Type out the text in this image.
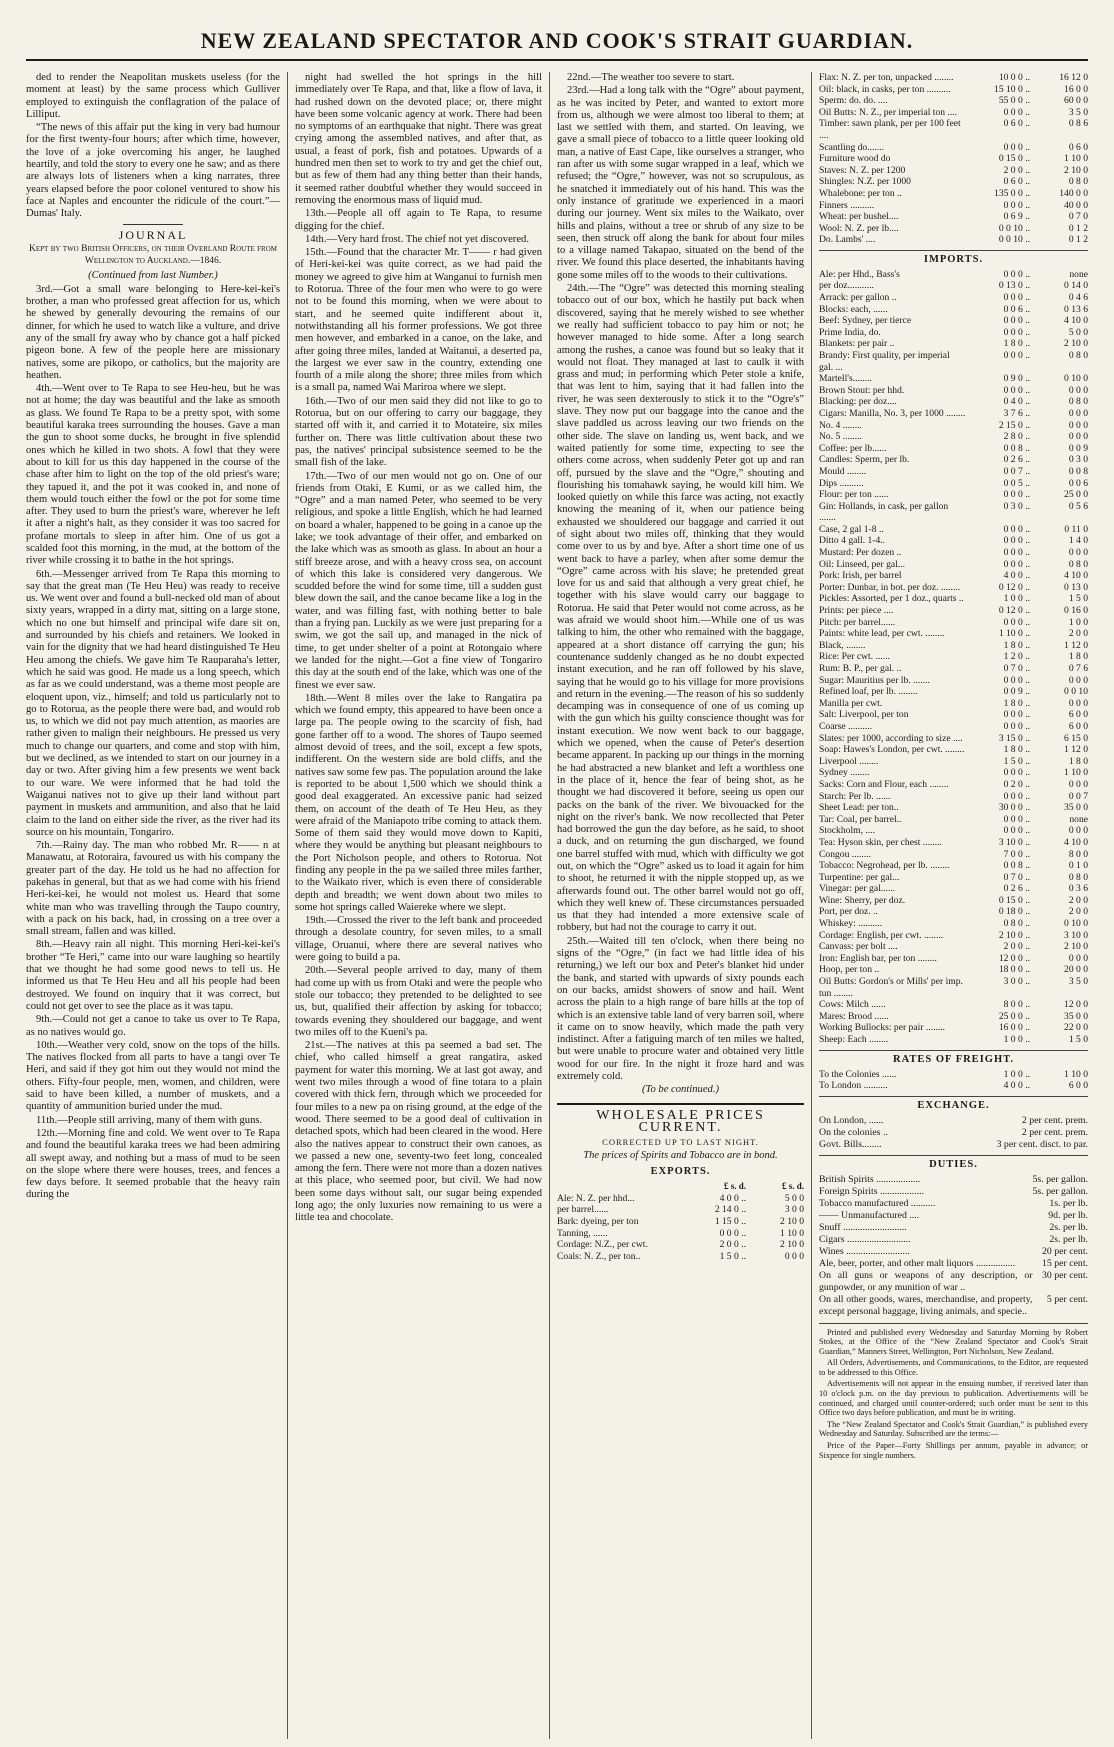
NEW ZEALAND SPECTATOR AND COOK'S STRAIT GUARDIAN.

ded to render the Neapolitan muskets useless (for the moment at least) by the same process which Gulliver employed to extinguish the conflagration of the palace of Lilliput.

“The news of this affair put the king in very bad humour for the first twenty-four hours; after which time, however, the love of a joke overcoming his anger, he laughed heartily, and told the story to every one he saw; and as there are always lots of listeners when a king narrates, three years elapsed before the poor colonel ventured to show his face at Naples and encounter the ridicule of the court.”—Dumas' Italy.

JOURNAL
Kept by two British Officers, on their Overland Route from Wellington to Auckland.—1846.

(Continued from last Number.)

3rd.—Got a small ware belonging to Here-kei-kei's brother, a man who professed great affection for us, which he shewed by generally devouring the remains of our dinner, for which he used to watch like a vulture, and drive any of the small fry away who by chance got a half picked pigeon bone. A few of the people here are missionary natives, some are pikopo, or catholics, but the majority are heathen.

4th.—Went over to Te Rapa to see Heu-heu, but he was not at home; the day was beautiful and the lake as smooth as glass. We found Te Rapa to be a pretty spot, with some beautiful karaka trees surrounding the houses. Gave a man the gun to shoot some ducks, he brought in five splendid ones which he killed in two shots. A fowl that they were about to kill for us this day happened in the course of the chase after him to light on the top of the old priest's ware; they tapued it, and the pot it was cooked in, and none of them would touch either the fowl or the pot for some time after. They used to burn the priest's ware, wherever he left it after a night's halt, as they consider it was too sacred for profane mortals to sleep in after him. One of us got a scalded foot this morning, in the mud, at the bottom of the river while crossing it to bathe in the hot springs.

6th.—Messenger arrived from Te Rapa this morning to say that the great man (Te Heu Heu) was ready to receive us. We went over and found a bull-necked old man of about sixty years, wrapped in a dirty mat, sitting on a large stone, which no one but himself and principal wife dare sit on, and surrounded by his chiefs and retainers. We looked in vain for the dignity that we had heard distinguished Te Heu Heu among the chiefs. We gave him Te Rauparaha's letter, which he said was good. He made us a long speech, which as far as we could understand, was a theme most people are eloquent upon, viz., himself; and told us particularly not to go to Rotorua, as the people there were bad, and would rob us, to which we did not pay much attention, as maories are rather given to malign their neighbours. He pressed us very much to change our quarters, and come and stop with him, but we declined, as we intended to start on our journey in a day or two. After giving him a few presents we went back to our ware. We were informed that he had told the Waiganui natives not to give up their land without part payment in muskets and ammunition, and also that he laid claim to the land on either side the river, as the river had its source on his mountain, Tongariro.

7th.—Rainy day. The man who robbed Mr. R—— n at Manawatu, at Rotoraira, favoured us with his company the greater part of the day. He told us he had no affection for pakehas in general, but that as we had come with his friend Heri-kei-kei, he would not molest us. Heard that some white man who was travelling through the Taupo country, with a pack on his back, had, in crossing on a tree over a small stream, fallen and was killed.

8th.—Heavy rain all night. This morning Heri-kei-kei's brother “Te Heri,” came into our ware laughing so heartily that we thought he had some good news to tell us. He informed us that Te Heu Heu and all his people had been destroyed. We found on inquiry that it was correct, but could not get over to see the place as it was tapu.

9th.—Could not get a canoe to take us over to Te Rapa, as no natives would go.

10th.—Weather very cold, snow on the tops of the hills. The natives flocked from all parts to have a tangi over Te Heri, and said if they got him out they would not mind the others. Fifty-four people, men, women, and children, were said to have been killed, a number of muskets, and a quantity of ammunition buried under the mud.

11th.—People still arriving, many of them with guns.

12th.—Morning fine and cold. We went over to Te Rapa and found the beautiful karaka trees we had been admiring all swept away, and nothing but a mass of mud to be seen on the slope where there were houses, trees, and fences a few days before. It seemed probable that the heavy rain during the

night had swelled the hot springs in the hill immediately over Te Rapa, and that, like a flow of lava, it had rushed down on the devoted place; or, there might have been some volcanic agency at work. There had been no symptoms of an earthquake that night. There was great crying among the assembled natives, and after that, as usual, a feast of pork, fish and potatoes. Upwards of a hundred men then set to work to try and get the chief out, but as few of them had any thing better than their hands, it seemed rather doubtful whether they would succeed in removing the enormous mass of liquid mud.

13th.—People all off again to Te Rapa, to resume digging for the chief.

14th.—Very hard frost. The chief not yet discovered.

15th.—Found that the character Mr. T—— r had given of Heri-kei-kei was quite correct, as we had paid the money we agreed to give him at Wanganui to furnish men to Rotorua. Three of the four men who were to go were not to be found this morning, when we were about to start, and he seemed quite indifferent about it, notwithstanding all his former professions. We got three men however, and embarked in a canoe, on the lake, and after going three miles, landed at Waitanui, a deserted pa, the largest we ever saw in the country, extending one fourth of a mile along the shore; three miles from which is a small pa, named Wai Mariroa where we slept.

16th.—Two of our men said they did not like to go to Rotorua, but on our offering to carry our baggage, they started off with it, and carried it to Motateire, six miles further on. There was little cultivation about these two pas, the natives' principal subsistence seemed to be the small fish of the lake.

17th.—Two of our men would not go on. One of our friends from Otaki, E Kumi, or as we called him, the “Ogre” and a man named Peter, who seemed to be very religious, and spoke a little English, which he had learned on board a whaler, happened to be going in a canoe up the lake; we took advantage of their offer, and embarked on the lake which was as smooth as glass. In about an hour a stiff breeze arose, and with a heavy cross sea, on account of which this lake is considered very dangerous. We scudded before the wind for some time, till a sudden gust blew down the sail, and the canoe became like a log in the water, and was filling fast, with nothing better to bale than a frying pan. Luckily as we were just preparing for a swim, we got the sail up, and managed in the nick of time, to get under shelter of a point at Rotongaio where we landed for the night.—Got a fine view of Tongariro this day at the south end of the lake, which was one of the finest we ever saw.

18th.—Went 8 miles over the lake to Rangatira pa which we found empty, this appeared to have been once a large pa. The people owing to the scarcity of fish, had gone farther off to a wood. The shores of Taupo seemed almost devoid of trees, and the soil, except a few spots, indifferent. On the western side are bold cliffs, and the natives saw some few pas. The population around the lake is reported to be about 1,500 which we should think a good deal exaggerated. An excessive panic had seized them, on account of the death of Te Heu Heu, as they were afraid of the Maniapoto tribe coming to attack them. Some of them said they would move down to Kapiti, where they would be anything but pleasant neighbours to the Port Nicholson people, and others to Rotorua. Not finding any people in the pa we sailed three miles farther, to the Waikato river, which is even there of considerable depth and breadth; we went down about two miles to some hot springs called Waiereke where we slept.

19th.—Crossed the river to the left bank and proceeded through a desolate country, for seven miles, to a small village, Oruanui, where there are several natives who were going to build a pa.

20th.—Several people arrived to day, many of them had come up with us from Otaki and were the people who stole our tobacco; they pretended to be delighted to see us, but, qualified their affection by asking for tobacco; towards evening they shouldered our baggage, and went two miles off to the Kueni's pa.

21st.—The natives at this pa seemed a bad set. The chief, who called himself a great rangatira, asked payment for water this morning. We at last got away, and went two miles through a wood of fine totara to a plain covered with thick fern, through which we proceeded for four miles to a new pa on rising ground, at the edge of the wood. There seemed to be a good deal of cultivation in detached spots, which had been cleared in the wood. Here also the natives appear to construct their own canoes, as we passed a new one, seventy-two feet long, concealed among the fern. There were not more than a dozen natives at this place, who seemed poor, but civil. We had now been some days without salt, our sugar being expended long ago; the only luxuries now remaining to us were a little tea and chocolate.

22nd.—The weather too severe to start.

23rd.—Had a long talk with the “Ogre” about payment, as he was incited by Peter, and wanted to extort more from us, although we were almost too liberal to them; at last we settled with them, and started. On leaving, we gave a small piece of tobacco to a little queer looking old man, a native of East Cape, like ourselves a stranger, who ran after us with some sugar wrapped in a leaf, which we refused; the “Ogre,” however, was not so scrupulous, as he snatched it immediately out of his hand. This was the only instance of gratitude we experienced in a maori during our journey. Went six miles to the Waikato, over hills and plains, without a tree or shrub of any size to be seen, then struck off along the bank for about four miles to a village named Takapao, situated on the bend of the river. We found this place deserted, the inhabitants having gone some miles off to the woods to their cultivations.

24th.—The “Ogre” was detected this morning stealing tobacco out of our box, which he hastily put back when discovered, saying that he merely wished to see whether we really had sufficient tobacco to pay him or not; he however managed to hide some. After a long search among the rushes, a canoe was found but so leaky that it would not float. They managed at last to caulk it with grass and mud; in performing which Peter stole a knife, that was lent to him, saying that it had fallen into the river, he was seen dexterously to stick it to the “Ogre's” slave. They now put our baggage into the canoe and the slave paddled us across leaving our two friends on the other side. The slave on landing us, went back, and we waited patiently for some time, expecting to see the others come across, when suddenly Peter got up and ran off, pursued by the slave and the “Ogre,” shouting and flourishing his tomahawk saying, he would kill him. We looked quietly on while this farce was acting, not exactly knowing the meaning of it, when our patience being exhausted we shouldered our baggage and carried it out of sight about two miles off, thinking that they would come over to us by and bye. After a short time one of us went back to have a parley, when after some demur the “Ogre” came across with his slave; he pretended great love for us and said that although a very great chief, he together with his slave would carry our baggage to Rotorua. He said that Peter would not come across, as he was afraid we would shoot him.—While one of us was talking to him, the other who remained with the baggage, appeared at a short distance off carrying the gun; his countenance suddenly changed as he no doubt expected instant execution, and he ran off followed by his slave, saying that he would go to his village for more provisions and return in the evening.—The reason of his so suddenly decamping was in consequence of one of us coming up with the gun which his guilty conscience thought was for instant execution. We now went back to our baggage, which we opened, when the cause of Peter's desertion became apparent. In packing up our things in the morning he had abstracted a new blanket and left a worthless one in the place of it, hence the fear of being shot, as he thought we had discovered it before, seeing us open our packs on the bank of the river. We bivouacked for the night on the river's bank. We now recollected that Peter had borrowed the gun the day before, as he said, to shoot a duck, and on returning the gun discharged, we found one barrel stuffed with mud, which with difficulty we got out, on which the “Ogre” asked us to load it again for him to shoot, he returned it with the nipple stopped up, as we afterwards found out. The other barrel would not go off, which they well knew of. These circumstances persuaded us that they had intended a more extensive scale of robbery, but had not the courage to carry it out.

25th.—Waited till ten o'clock, when there being no signs of the “Ogre,” (in fact we had little idea of his returning,) we left our box and Peter's blanket hid under the bank, and started with upwards of sixty pounds each on our backs, amidst showers of snow and hail. Went across the plain to a high range of bare hills at the top of which is an extensive table land of very barren soil, where it came on to snow heavily, which made the path very indistinct. After a fatiguing march of ten miles we halted, but were unable to procure water and obtained very little wood for our fire. In the night it froze hard and was extremely cold.

(To be continued.)

WHOLESALE PRICES CURRENT.
CORRECTED UP TO LAST NIGHT.
The prices of Spirits and Tobacco are in bond.
EXPORTS.
	£ s. d.	£ s. d.
Ale: N. Z. per hhd...	4 0 0 ..	5 0 0
per barrel......	2 14 0 ..	3 0 0
Bark: dyeing, per ton	1 15 0 ..	2 10 0
Tanning, ......	0 0 0 ..	1 10 0
Cordage: N.Z., per cwt.	2 0 0 ..	2 10 0
Coals: N. Z., per ton..	1 5 0 ..	0 0 0
Flax: N. Z. per ton, unpacked ........	10 0 0 ..	16 12 0
Oil: black, in casks, per ton ..........	15 10 0 ..	16 0 0
Sperm: do. do. ....	55 0 0 ..	60 0 0
Oil Butts: N. Z., per imperial ton ....	0 0 0 ..	3 5 0
Timber: sawn plank, per per 100 feet ....	0 6 0 ..	0 8 6
Scantling do.......	0 0 0 ..	0 6 0
Furniture wood do	0 15 0 ..	1 10 0
Staves: N. Z. per 1200	2 0 0 ..	2 10 0
Shingles: N.Z. per 1000	0 6 0 ..	0 8 0
Whalebone: per ton ..	135 0 0 ..	140 0 0
Finners ..........	0 0 0 ..	40 0 0
Wheat: per bushel....	0 6 9 ..	0 7 0
Wool: N. Z. per lb....	0 0 10 ..	0 1 2
Do. Lambs' ....	0 0 10 ..	0 1 2
IMPORTS.
Ale: per Hhd., Bass's	0 0 0 ..	none
per doz...........	0 13 0 ..	0 14 0
Arrack: per gallon ..	0 0 0 ..	0 4 6
Blocks: each, ......	0 0 6 ..	0 13 6
Beef: Sydney, per tierce	0 0 0 ..	4 10 0
Prime India, do.	0 0 0 ..	5 0 0
Blankets: per pair ..	1 8 0 ..	2 10 0
Brandy: First quality, per imperial gal. ...	0 0 0 ..	0 8 0
Martell's........	0 9 0 ..	0 10 0
Brown Stout: per hhd.	0 0 0 ..	0 0 0
Blacking: per doz....	0 4 0 ..	0 8 0
Cigars: Manilla, No. 3, per 1000 ........	3 7 6 ..	0 0 0
No. 4 ........	2 15 0 ..	0 0 0
No. 5 ........	2 8 0 ..	0 0 0
Coffee: per lb......	0 0 8 ..	0 0 9
Candles: Sperm, per lb.	0 2 6 ..	0 3 0
Mould ........	0 0 7 ..	0 0 8
Dips ..........	0 0 5 ..	0 0 6
Flour: per ton ......	0 0 0 ..	25 0 0
Gin: Hollands, in cask, per gallon .......	0 3 0 ..	0 5 6
Case, 2 gal 1-8 ..	0 0 0 ..	0 11 0
Ditto 4 gall. 1-4..	0 0 0 ..	1 4 0
Mustard: Per dozen ..	0 0 0 ..	0 0 0
Oil: Linseed, per gal...	0 0 0 ..	0 8 0
Pork: Irish, per barrel	4 0 0 ..	4 10 0
Porter: Dunbar, in bot. per doz. ........	0 12 0 ..	0 13 0
Pickles: Assorted, per 1 doz., quarts ..	1 0 0 ..	1 5 0
Prints: per piece ....	0 12 0 ..	0 16 0
Pitch: per barrel......	0 0 0 ..	1 0 0
Paints: white lead, per cwt. ........	1 10 0 ..	2 0 0
Black, ........	1 8 0 ..	1 12 0
Rice: Per cwt. ......	1 2 0 ..	1 8 0
Rum: B. P., per gal. ..	0 7 0 ..	0 7 6
Sugar: Mauritius per lb. .......	0 0 0 ..	0 0 0
Refined loaf, per lb. ........	0 0 9 ..	0 0 10
Manilla per cwt.	1 8 0 ..	0 0 0
Salt: Liverpool, per ton	0 0 0 ..	6 0 0
Coarse ..........	0 0 0 ..	6 0 0
Slates: per 1000, according to size ....	3 15 0 ..	6 15 0
Soap: Hawes's London, per cwt. ........	1 8 0 ..	1 12 0
Liverpool ........	1 5 0 ..	1 8 0
Sydney ........	0 0 0 ..	1 10 0
Sacks: Corn and Flour, each ........	0 2 0 ..	0 0 0
Starch: Per lb. ......	0 0 0 ..	0 0 7
Sheet Lead: per ton..	30 0 0 ..	35 0 0
Tar: Coal, per barrel..	0 0 0 ..	none
Stockholm, ....	0 0 0 ..	0 0 0
Tea: Hyson skin, per chest ........	3 10 0 ..	4 10 0
Congou ........	7 0 0 ..	8 0 0
Tobacco: Negrohead, per lb. ........	0 0 8 ..	0 1 0
Turpentine: per gal...	0 7 0 ..	0 8 0
Vinegar: per gal......	0 2 6 ..	0 3 6
Wine: Sherry, per doz.	0 15 0 ..	2 0 0
Port, per doz. ..	0 18 0 ..	2 0 0
Whiskey: ..........	0 8 0 ..	0 10 0
Cordage: English, per cwt. ........	2 10 0 ..	3 10 0
Canvass: per bolt ....	2 0 0 ..	2 10 0
Iron: English bar, per ton ........	12 0 0 ..	0 0 0
Hoop, per ton ..	18 0 0 ..	20 0 0
Oil Butts: Gordon's or Mills' per imp. tun ........	3 0 0 ..	3 5 0
Cows: Milch ......	8 0 0 ..	12 0 0
Mares: Brood ......	25 0 0 ..	35 0 0
Working Bullocks: per pair ........	16 0 0 ..	22 0 0
Sheep: Each ........	1 0 0 ..	1 5 0
RATES OF FREIGHT.
To the Colonies ......	1 0 0 ..	1 10 0
To London ..........	4 0 0 ..	6 0 0
EXCHANGE.
On London, ......	2 per cent. prem.
On the colonies ..	2 per cent. prem.
Govt. Bills........	3 per cent. disct. to par.
DUTIES.
British Spirits ..................	5s. per gallon.
Foreign Spirits ..................	5s. per gallon.
Tobacco manufactured ..........	1s. per lb.
—— Unmanufactured ....	9d. per lb.
Snuff ..........................	2s. per lb.
Cigars ..........................	2s. per lb.
Wines ..........................	20 per cent.
Ale, beer, porter, and other malt liquors ................	15 per cent.
On all guns or weapons of any description, or gunpowder, or any munition of war ..	30 per cent.
On all other goods, wares, merchandise, and property, except personal baggage, living animals, and specie..	5 per cent.

Printed and published every Wednesday and Saturday Morning by Robert Stokes, at the Office of the “New Zealand Spectator and Cook's Strait Guardian,” Manners Street, Wellington, Port Nicholson, New Zealand.

All Orders, Advertisements, and Communications, to the Editor, are requested to be addressed to this Office.

Advertisements will not appear in the ensuing number, if received later than 10 o'clock p.m. on the day previous to publication. Advertisements will be continued, and charged until counter-ordered; such order must be sent to this Office two days before publication, and must be in writing.

The “New Zealand Spectator and Cook's Strait Guardian,” is published every Wednesday and Saturday. Subscribed are the terms:—

Price of the Paper—Forty Shillings per annum, payable in advance; or Sixpence for single numbers.
